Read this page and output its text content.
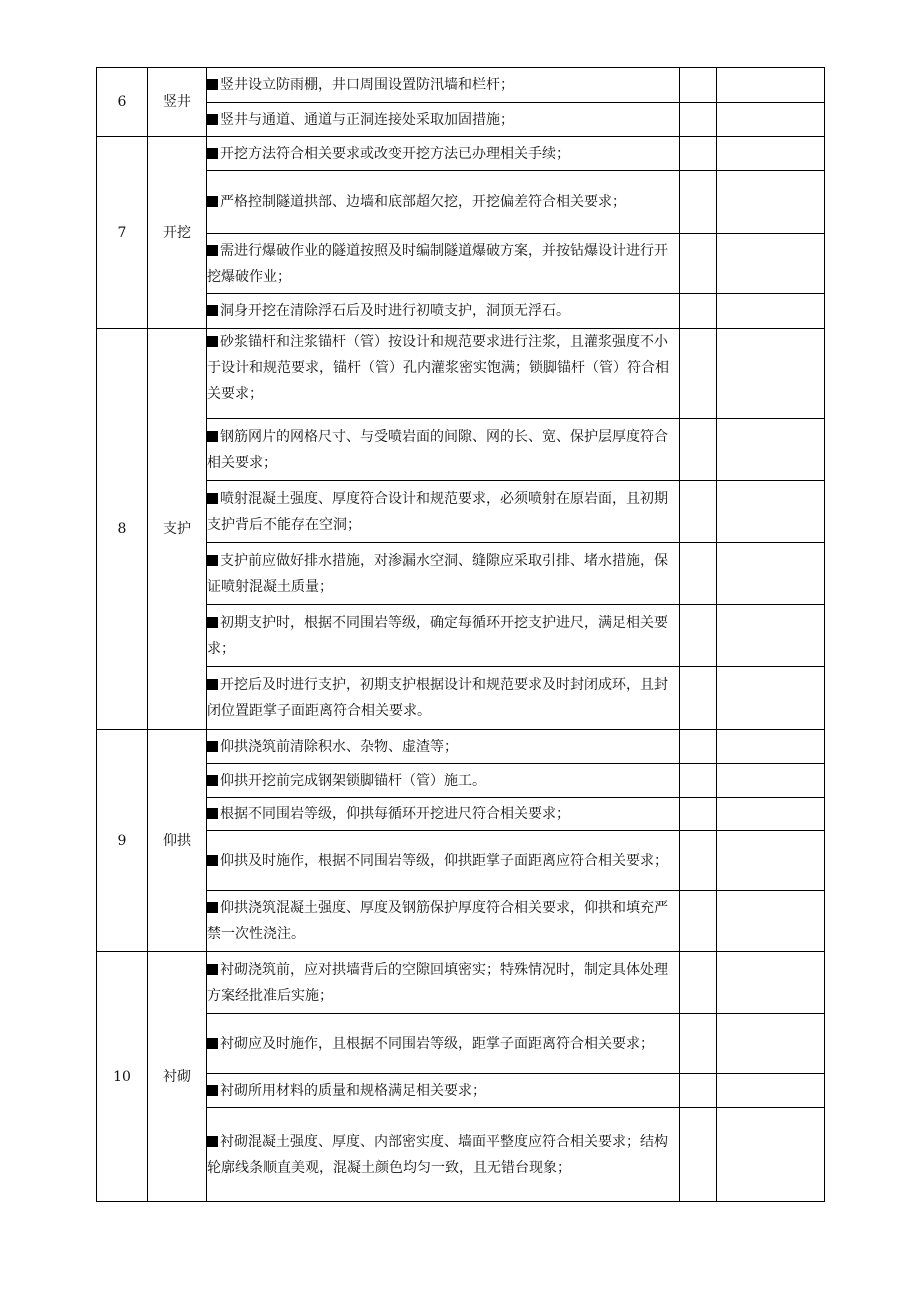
6	竖井	竖井设立防雨棚，井口周围设置防汛墙和栏杆；		
		竖井与通道、通道与正洞连接处采取加固措施；		
7	开挖	开挖方法符合相关要求或改变开挖方法已办理相关手续；		
		严格控制隧道拱部、边墙和底部超欠挖，开挖偏差符合相关要求；		
		需进行爆破作业的隧道按照及时编制隧道爆破方案，并按钻爆设计进行开挖爆破作业；		
		洞身开挖在清除浮石后及时进行初喷支护，洞顶无浮石。		
8	支护	砂浆锚杆和注浆锚杆（管）按设计和规范要求进行注浆，且灌浆强度不小于设计和规范要求，锚杆（管）孔内灌浆密实饱满；锁脚锚杆（管）符合相关要求；		
		钢筋网片的网格尺寸、与受喷岩面的间隙、网的长、宽、保护层厚度符合相关要求；		
		喷射混凝土强度、厚度符合设计和规范要求，必须喷射在原岩面，且初期支护背后不能存在空洞；		
		支护前应做好排水措施，对渗漏水空洞、缝隙应采取引排、堵水措施，保证喷射混凝土质量；		
		初期支护时，根据不同围岩等级，确定每循环开挖支护进尺，满足相关要求；		
		开挖后及时进行支护，初期支护根据设计和规范要求及时封闭成环，且封闭位置距掌子面距离符合相关要求。		
9	仰拱	仰拱浇筑前清除积水、杂物、虚渣等；		
		仰拱开挖前完成钢架锁脚锚杆（管）施工。		
		根据不同围岩等级，仰拱每循环开挖进尺符合相关要求；		
		仰拱及时施作，根据不同围岩等级，仰拱距掌子面距离应符合相关要求；		
		仰拱浇筑混凝土强度、厚度及钢筋保护厚度符合相关要求，仰拱和填充严禁一次性浇注。		
10	衬砌	衬砌浇筑前，应对拱墙背后的空隙回填密实；特殊情况时，制定具体处理方案经批准后实施；		
		衬砌应及时施作，且根据不同围岩等级，距掌子面距离符合相关要求；		
		衬砌所用材料的质量和规格满足相关要求；		
		衬砌混凝土强度、厚度、内部密实度、墙面平整度应符合相关要求；结构轮廓线条顺直美观，混凝土颜色均匀一致，且无错台现象；		
